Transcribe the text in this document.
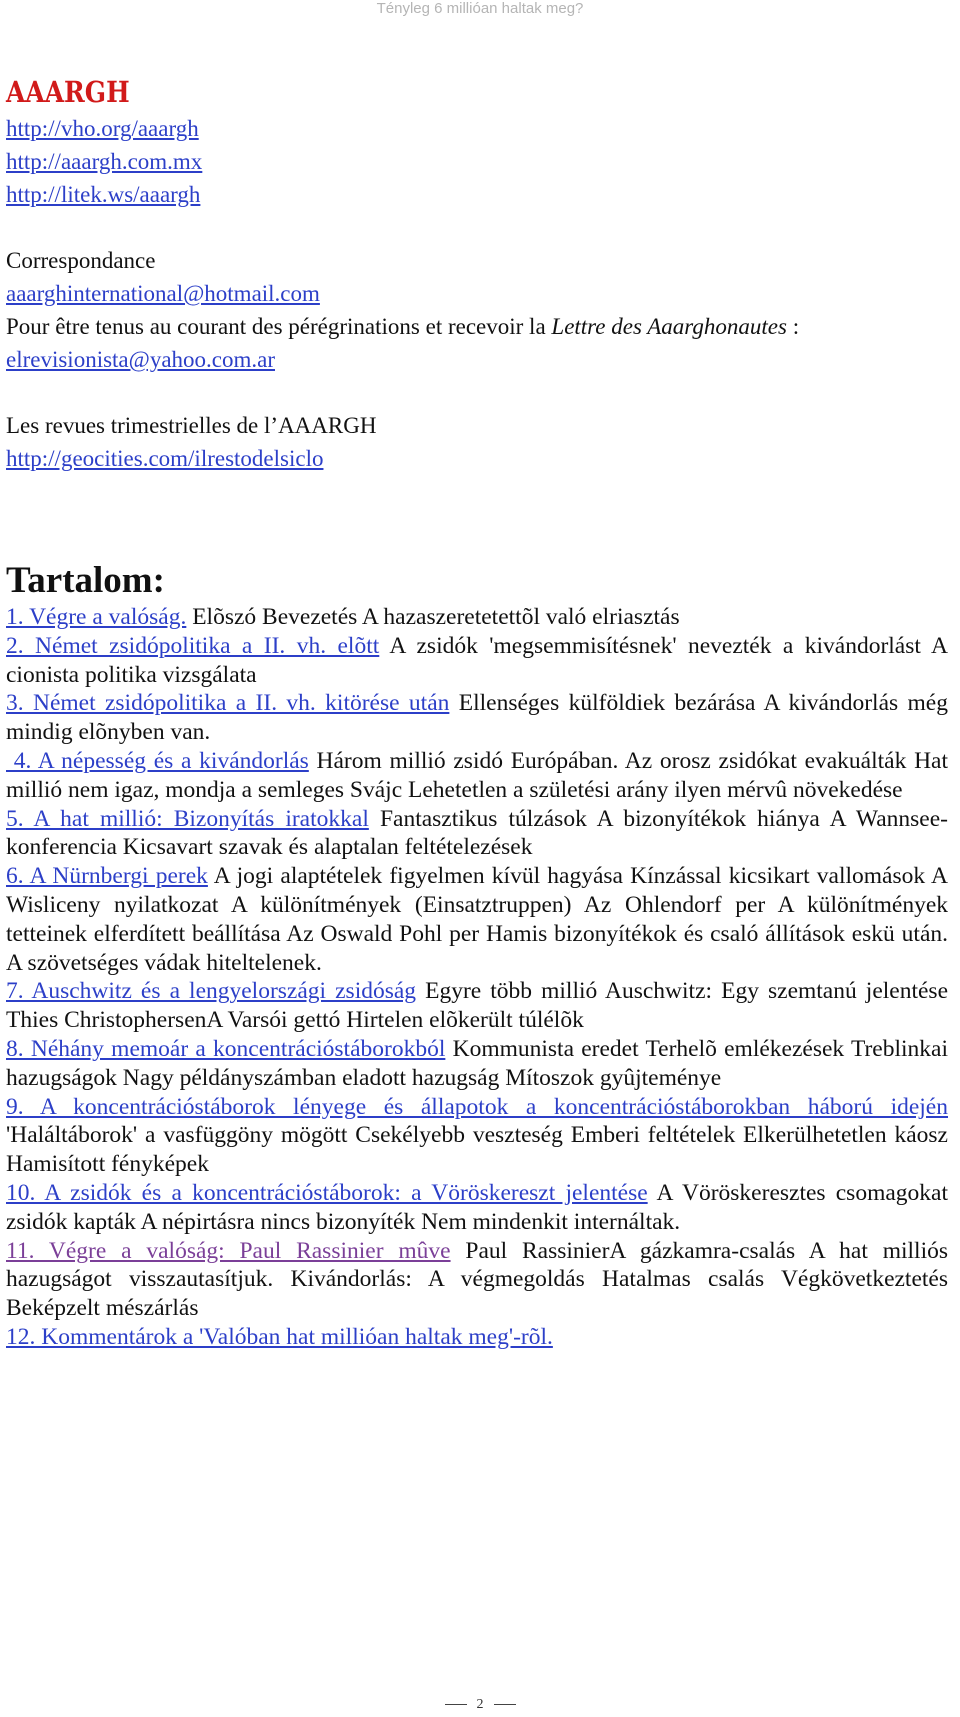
Tényleg 6 millióan haltak meg?
AAARGH
http://vho.org/aaargh
http://aaargh.com.mx
http://litek.ws/aaargh
Correspondance
aaarghinternational@hotmail.com
Pour être tenus au courant des pérégrinations et recevoir la Lettre des Aaarghonautes :
elrevisionista@yahoo.com.ar
Les revues trimestrielles de l’AAARGH
http://geocities.com/ilrestodelsiclo
Tartalom:
1. Végre a valóság. Elõszó Bevezetés A hazaszeretetettõl való elriasztás
2. Német zsidópolitika a II. vh. elõtt A zsidók 'megsemmisítésnek' nevezték a kivándorlást A cionista politika vizsgálata
3. Német zsidópolitika a II. vh. kitörése után Ellenséges külföldiek bezárása A kivándorlás még mindig elõnyben van.
4. A népesség és a kivándorlás Három millió zsidó Európában. Az orosz zsidókat evakuálták Hat millió nem igaz, mondja a semleges Svájc Lehetetlen a születési arány ilyen mérvû növekedése
5. A hat millió: Bizonyítás iratokkal Fantasztikus túlzások A bizonyítékok hiánya A Wannsee-konferencia Kicsavart szavak és alaptalan feltételezések
6. A Nürnbergi perek A jogi alaptételek figyelmen kívül hagyása Kínzással kicsikart vallomások A Wisliceny nyilatkozat A különítmények (Einsatztruppen) Az Ohlendorf per A különítmények tetteinek elferdített beállítása Az Oswald Pohl per Hamis bizonyítékok és csaló állítások eskü után. A szövetséges vádak hiteltelenek.
7. Auschwitz és a lengyelországi zsidóság Egyre több millió Auschwitz: Egy szemtanú jelentése Thies ChristophersenA Varsói gettó Hirtelen elõkerült túlélõk
8. Néhány memoár a koncentrációstáborokból Kommunista eredet Terhelõ emlékezések Treblinkai hazugságok Nagy példányszámban eladott hazugság Mítoszok gyûjteménye
9. A koncentrációstáborok lényege és állapotok a koncentrációstáborokban háború idején 'Haláltáborok' a vasfüggöny mögött Csekélyebb veszteség Emberi feltételek Elkerülhetetlen káosz Hamisított fényképek
10. A zsidók és a koncentrációstáborok: a Vöröskereszt jelentése A Vöröskeresztes csomagokat zsidók kapták A népirtásra nincs bizonyíték Nem mindenkit internáltak.
11. Végre a valóság: Paul Rassinier mûve Paul RassinierA gázkamra-csalás A hat milliós hazugságot visszautasítjuk. Kivándorlás: A végmegoldás Hatalmas csalás Végkövetkeztetés Beképzelt mészárlás
12. Kommentárok a 'Valóban hat millióan haltak meg'-rõl.
2
